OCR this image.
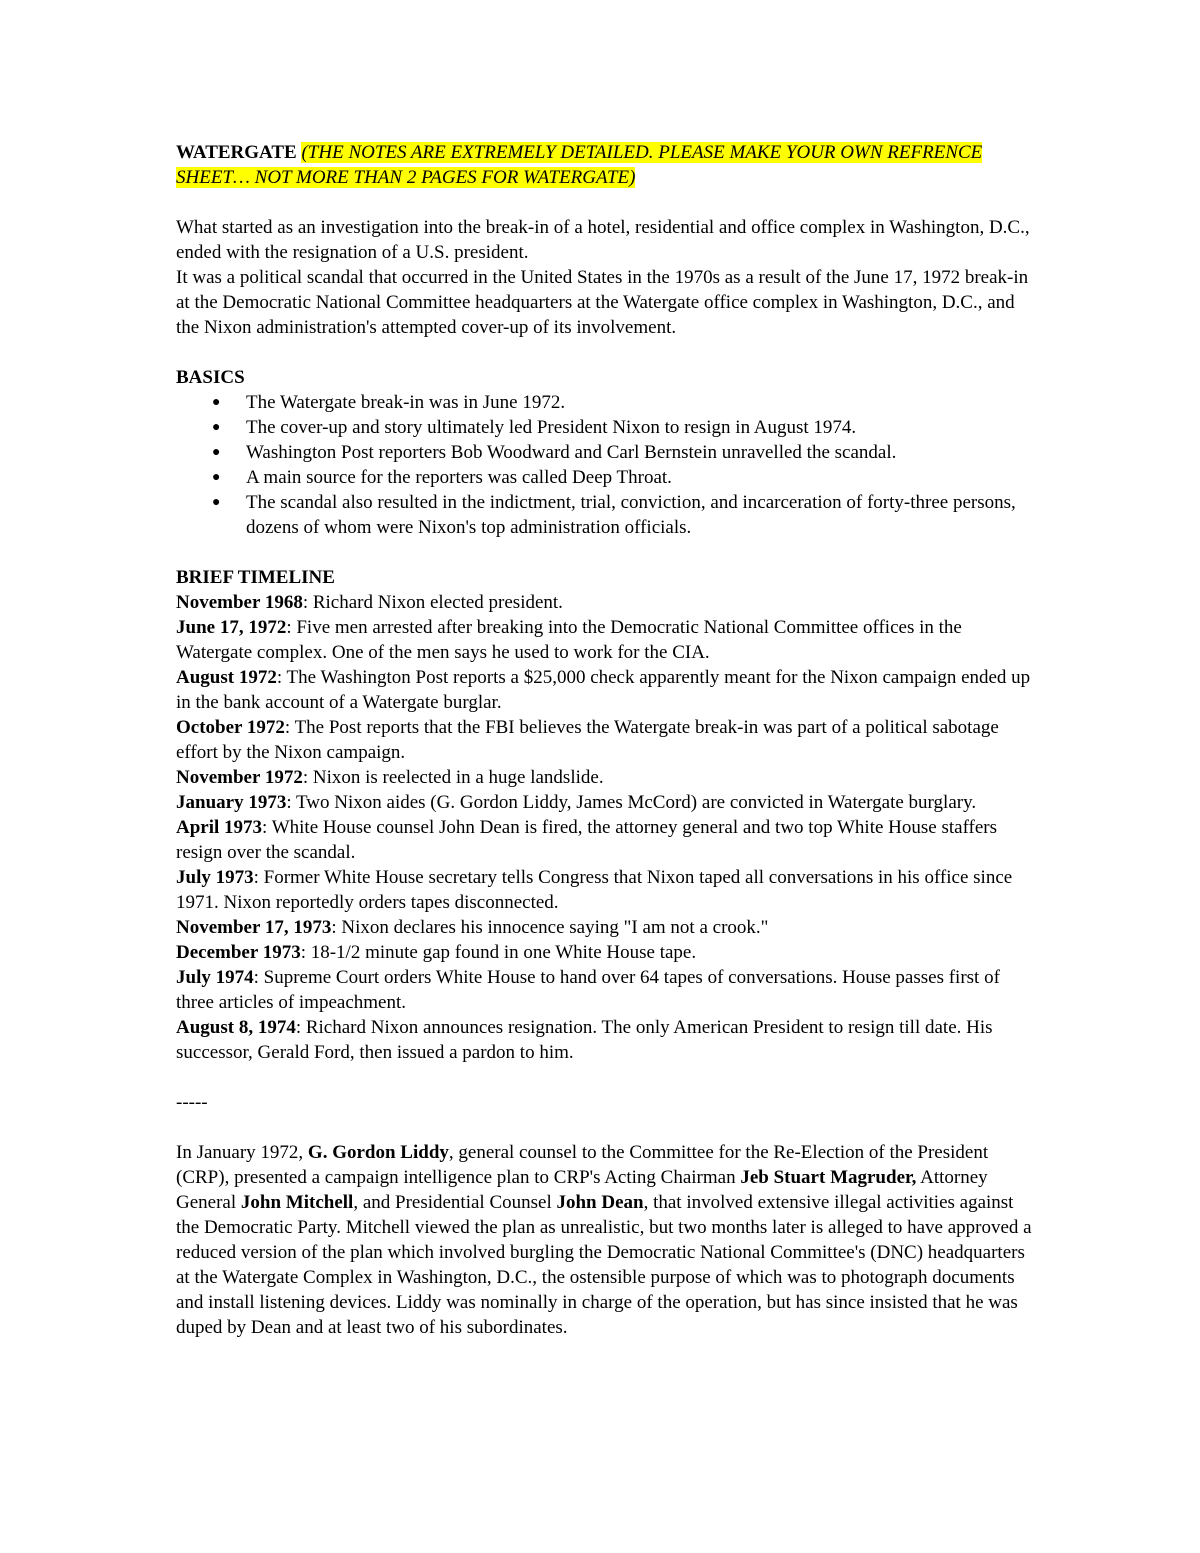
WATERGATE (THE NOTES ARE EXTREMELY DETAILED. PLEASE MAKE YOUR OWN REFRENCE SHEET… NOT MORE THAN 2 PAGES FOR WATERGATE)

What started as an investigation into the break-in of a hotel, residential and office complex in Washington, D.C., ended with the resignation of a U.S. president.

It was a political scandal that occurred in the United States in the 1970s as a result of the June 17, 1972 break-in at the Democratic National Committee headquarters at the Watergate office complex in Washington, D.C., and the Nixon administration's attempted cover-up of its involvement.

BASICS

● The Watergate break-in was in June 1972.
● The cover-up and story ultimately led President Nixon to resign in August 1974.
● Washington Post reporters Bob Woodward and Carl Bernstein unravelled the scandal.
● A main source for the reporters was called Deep Throat.
● The scandal also resulted in the indictment, trial, conviction, and incarceration of forty-three persons, dozens of whom were Nixon's top administration officials.

BRIEF TIMELINE

November 1968: Richard Nixon elected president.

June 17, 1972: Five men arrested after breaking into the Democratic National Committee offices in the Watergate complex. One of the men says he used to work for the CIA.

August 1972: The Washington Post reports a $25,000 check apparently meant for the Nixon campaign ended up in the bank account of a Watergate burglar.

October 1972: The Post reports that the FBI believes the Watergate break-in was part of a political sabotage effort by the Nixon campaign.

November 1972: Nixon is reelected in a huge landslide.

January 1973: Two Nixon aides (G. Gordon Liddy, James McCord) are convicted in Watergate burglary.

April 1973: White House counsel John Dean is fired, the attorney general and two top White House staffers resign over the scandal.

July 1973: Former White House secretary tells Congress that Nixon taped all conversations in his office since 1971. Nixon reportedly orders tapes disconnected.

November 17, 1973: Nixon declares his innocence saying "I am not a crook."

December 1973: 18-1/2 minute gap found in one White House tape.

July 1974: Supreme Court orders White House to hand over 64 tapes of conversations. House passes first of three articles of impeachment.

August 8, 1974: Richard Nixon announces resignation. The only American President to resign till date. His successor, Gerald Ford, then issued a pardon to him.

-----

In January 1972, G. Gordon Liddy, general counsel to the Committee for the Re-Election of the President (CRP), presented a campaign intelligence plan to CRP's Acting Chairman Jeb Stuart Magruder, Attorney General John Mitchell, and Presidential Counsel John Dean, that involved extensive illegal activities against the Democratic Party. Mitchell viewed the plan as unrealistic, but two months later is alleged to have approved a reduced version of the plan which involved burgling the Democratic National Committee's (DNC) headquarters at the Watergate Complex in Washington, D.C., the ostensible purpose of which was to photograph documents and install listening devices. Liddy was nominally in charge of the operation, but has since insisted that he was duped by Dean and at least two of his subordinates.
